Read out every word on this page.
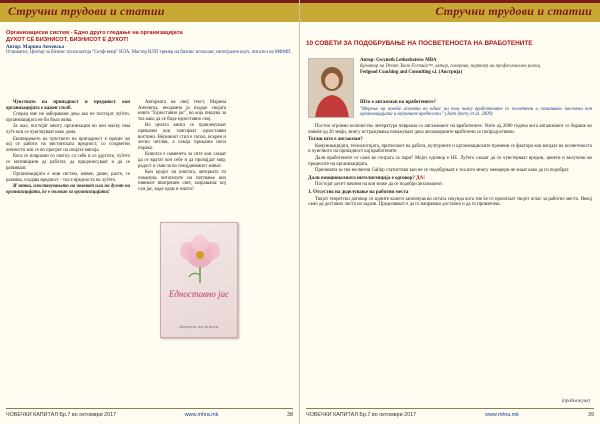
Стручни трудови и статии
Организациски систем - Едно друго гледање на организацијата
ДУХОТ СЕ БИЗНИСОТ, БИЗНИСОТ Е ДУХОТ!
Автор: Марина Анчевска
Основател, Центар за бизнис психологија "Селф-кеир" ИЛА, Мастер НЛП тренер на бизнис психолог, интегрален коуч, писател на МФМП.

Чувството на припадност и преданост кон организацијата е важен столб.

Според ние не забораваме дека ако не постојат луѓето, организацијата не би била жива.

За жал, постојат многу организации во кои малку има луѓе кои се чувствуваат како дома.

Екипирањето на чувството на припадност е процес во кој се работи на вистинската вредност, со соодветни личности кои се во пресрет на својата мисија.

Кога се поврзани со светот, со себе и со другите, луѓето се мотивирани да работат, да придонесуваат и да се развиваат.

Организацијата е жив систем, живее, дише, расте, се развива, создава вредност - тоа е вредноста на луѓето.

И затоа, изоставувањето на човекот или на духот на организацијата, ќе е полошо за организацијата!

Авторката на овој текст, Марина Анчевска, неодамна ја издаде својата книга "Едноставно јас", во која пишува за тоа како да се биде едноставно свој.

Во целата книга се провлекуваат приказни кои тангираат едноставни вистини. Нејзиниот стил е топол, искрен и лесно читлив, а секоја приказна носи порака.

Книгата е наменета за сите кои сакаат да се вратат кон себе и да пронајдат мир, радост и смисла во секојдневниот живот.

Кон крајот на книгата, авторката ги поканува читателите на патување кон нивниот внатрешен свет, запрашана: кој сум јас, каде одам и зошто?

Едноставно јас
Марина Анчевска
ЧОВЕЧКИ КАПИТАЛ Бр.7 во октомври 2017	www.mhra.mk	38
Стручни трудови и статии
10 СОВЕТИ ЗА ПОДОБРУВАЊЕ НА ПОСВЕТЕНОСТА НА ВРАБОТЕНИТЕ
Автор: Gwyneth Lethesbatrow MBA
Креатор на Dream Team Formula™, автор, говорник, партнер на професионален развој.
Fedgood Coaching and Consulting s.l. (Австрија)
Што е ангажман на вработените?
"Мерење на повеќе аспекти во однос на тоа колку вработените се посветени и позитивно насочени кон организацијата и нејзините вредности." (John Storey et al. 2009)

Постои огромно количество литература поврзана со ангажманот на вработените. Уште од 2000 година кога ангажманот се бараше во повеќе од 20 земји, многу истражувања покажуваат дека ангажираните вработени се попродуктивни.

Тогаш што е ангажман?

Комуникацијата, технологијата, притисокот на работа, културните и организациските промени се фактори кои влијаат на посветеноста и чувството на припадност кај вработените.

Дали вработените се само во потрага за пари? Мојот одговор е НЕ. Луѓето сакаат да се чувствуваат вредни, ценети и вклучени во процесите на организацијата.

Причината за тие несвесни Gallup статистики кои не се подобруваат е тоа што многу менаџери не знаат како да ги подобрат.

Дали емоционалната интелигенција е одговор? ДА!

Постојат десет начини на кои може да се подобри ангажманот.

1. Отсуство на доделување на работни места

Твојот теоретски договор со идните колеги започнува во истата секунда кога тие ќе го прочитаат твојот оглас за работно место. Некој само да доставил листа на задачи. Предизвикот е да го направиш достапно и да го привлечеш.

(продолжува)
ЧОВЕЧКИ КАПИТАЛ Бр.7 во октомври 2017	www.mhra.mk	39
